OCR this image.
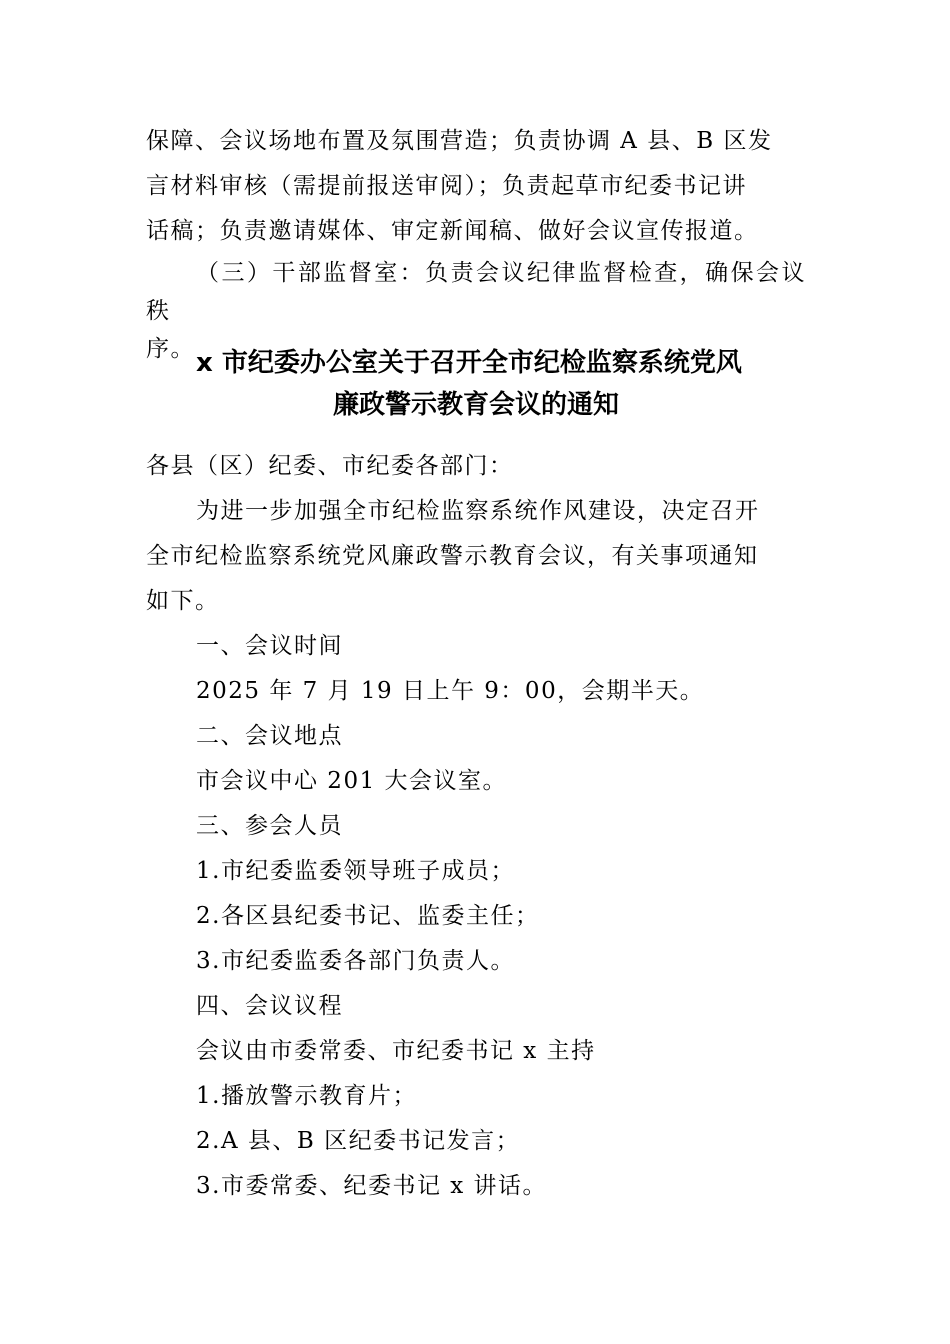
保障、会议场地布置及氛围营造；负责协调 A 县、B 区发

言材料审核（需提前报送审阅）；负责起草市纪委书记讲

话稿；负责邀请媒体、审定新闻稿、做好会议宣传报道。

（三）干部监督室：负责会议纪律监督检查，确保会议秩

序。 x 市纪委办公室关于召开全市纪检监察系统党风
廉政警示教育会议的通知

各县（区）纪委、市纪委各部门：

为进一步加强全市纪检监察系统作风建设，决定召开

全市纪检监察系统党风廉政警示教育会议，有关事项通知

如下。

一、会议时间

2025 年 7 月 19 日上午 9：00，会期半天。

二、会议地点

市会议中心 201 大会议室。

三、参会人员

1.市纪委监委领导班子成员；

2.各区县纪委书记、监委主任；

3.市纪委监委各部门负责人。

四、会议议程

会议由市委常委、市纪委书记 x 主持

1.播放警示教育片；

2.A 县、B 区纪委书记发言；

3.市委常委、纪委书记 x 讲话。
